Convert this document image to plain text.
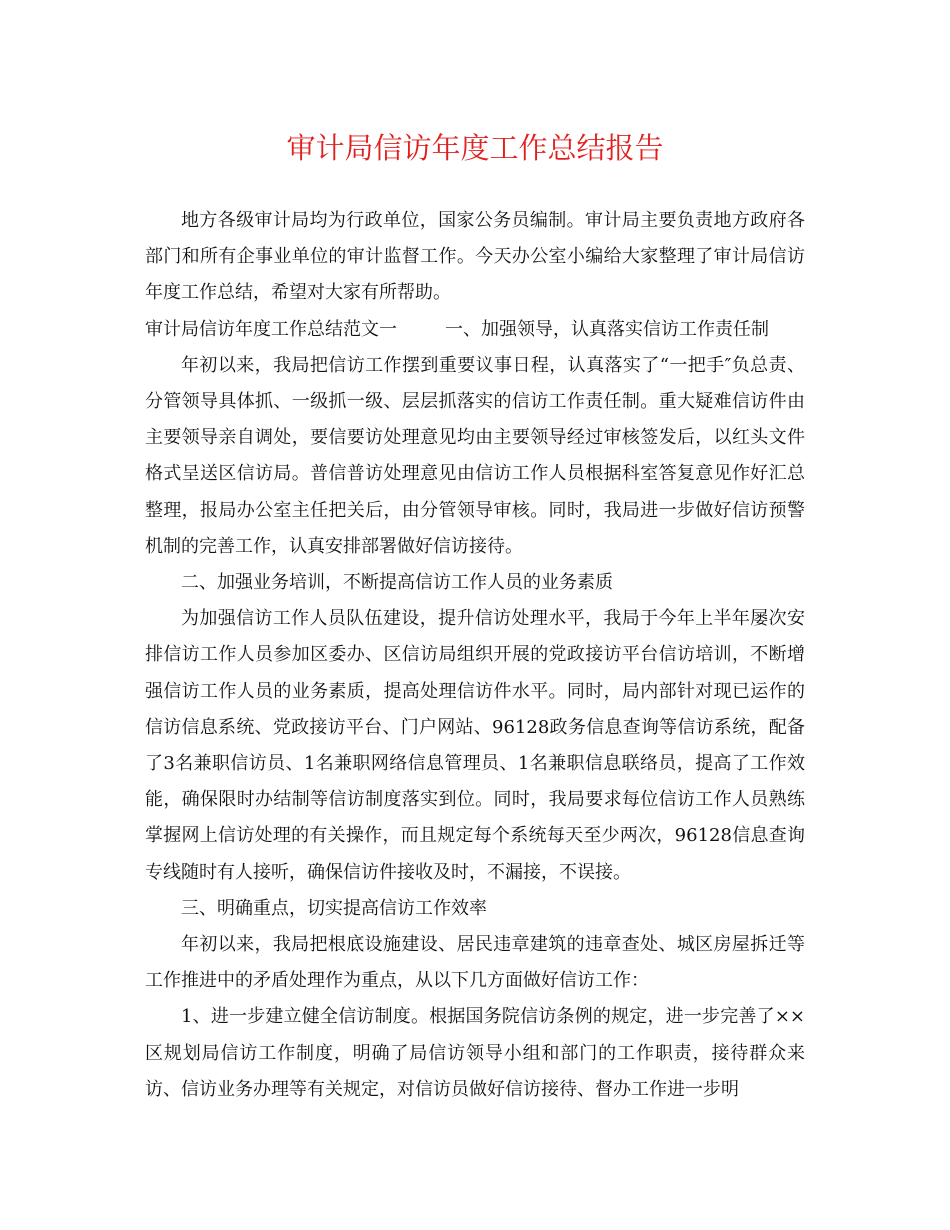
审计局信访年度工作总结报告

地方各级审计局均为行政单位，国家公务员编制。审计局主要负责地方政府各部门和所有企事业单位的审计监督工作。今天办公室小编给大家整理了审计局信访年度工作总结，希望对大家有所帮助。

审计局信访年度工作总结范文一	一、加强领导，认真落实信访工作责任制

年初以来，我局把信访工作摆到重要议事日程，认真落实了“一把手″负总责、分管领导具体抓、一级抓一级、层层抓落实的信访工作责任制。重大疑难信访件由主要领导亲自调处，要信要访处理意见均由主要领导经过审核签发后，以红头文件格式呈送区信访局。普信普访处理意见由信访工作人员根据科室答复意见作好汇总整理，报局办公室主任把关后，由分管领导审核。同时，我局进一步做好信访预警机制的完善工作，认真安排部署做好信访接待。

二、加强业务培训，不断提高信访工作人员的业务素质

为加强信访工作人员队伍建设，提升信访处理水平，我局于今年上半年屡次安排信访工作人员参加区委办、区信访局组织开展的党政接访平台信访培训，不断增强信访工作人员的业务素质，提高处理信访件水平。同时，局内部针对现已运作的信访信息系统、党政接访平台、门户网站、96128政务信息查询等信访系统，配备了3名兼职信访员、1名兼职网络信息管理员、1名兼职信息联络员，提高了工作效能，确保限时办结制等信访制度落实到位。同时，我局要求每位信访工作人员熟练掌握网上信访处理的有关操作，而且规定每个系统每天至少两次，96128信息查询专线随时有人接听，确保信访件接收及时，不漏接，不误接。

三、明确重点，切实提高信访工作效率

年初以来，我局把根底设施建设、居民违章建筑的违章查处、城区房屋拆迁等工作推进中的矛盾处理作为重点，从以下几方面做好信访工作：

1、进一步建立健全信访制度。根据国务院信访条例的规定，进一步完善了××区规划局信访工作制度，明确了局信访领导小组和部门的工作职责，接待群众来访、信访业务办理等有关规定，对信访员做好信访接待、督办工作进一步明
